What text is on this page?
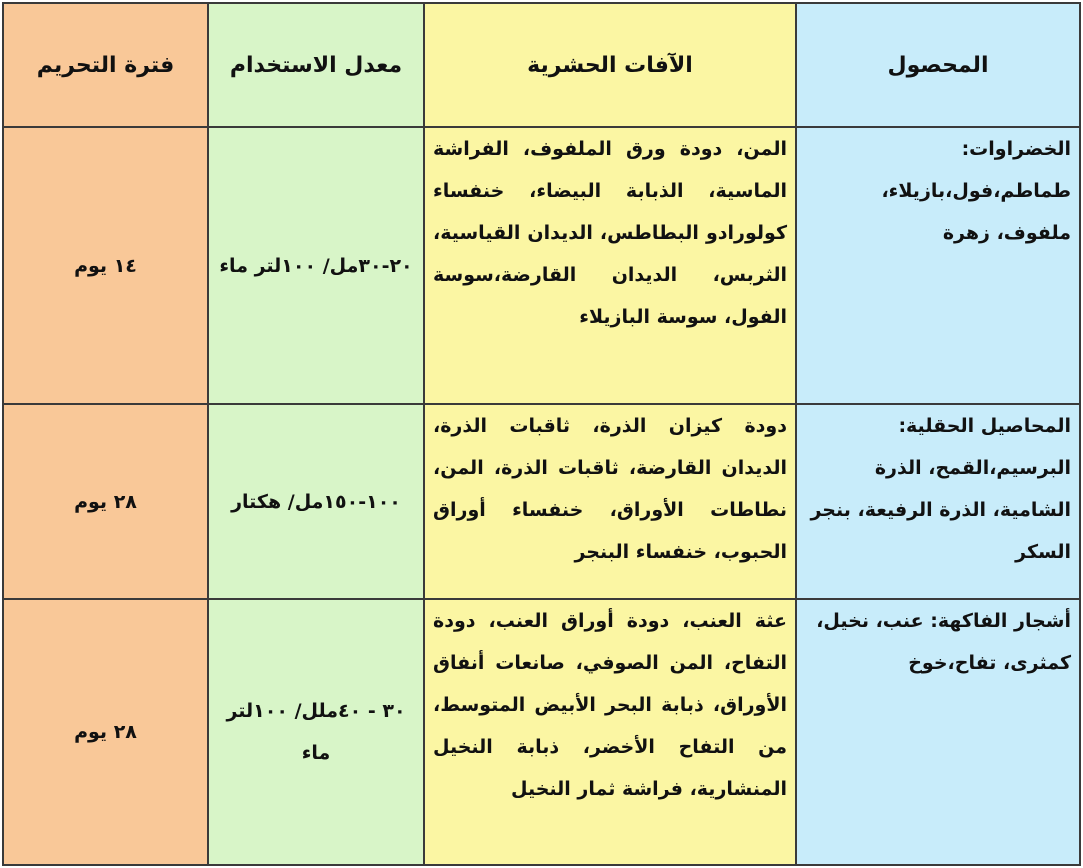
المحصول	الآفات الحشرية	معدل الاستخدام	فترة التحريم
الخضراوات: طماطم،فول،بازيلاء، ملفوف، زهرة	المن، دودة ورق الملفوف، الفراشة الماسية، الذبابة البيضاء، خنفساء كولورادو البطاطس، الديدان القياسية، الثربس، الديدان القارضة،سوسة الفول، سوسة البازيلاء	٢٠-٣٠مل/ ١٠٠لتر ماء	١٤ يوم
المحاصيل الحقلية: البرسيم،القمح، الذرة الشامية، الذرة الرفيعة، بنجر السكر	دودة كيزان الذرة، ثاقبات الذرة، الديدان القارضة، ثاقبات الذرة، المن، نطاطات الأوراق، خنفساء أوراق الحبوب، خنفساء البنجر	١٠٠-١٥٠مل/ هكتار	٢٨ يوم
أشجار الفاكهة: عنب، نخيل، كمثرى، تفاح،خوخ	عثة العنب، دودة أوراق العنب، دودة التفاح، المن الصوفي، صانعات أنفاق الأوراق، ذبابة البحر الأبيض المتوسط، من التفاح الأخضر، ذبابة النخيل المنشارية، فراشة ثمار النخيل	٣٠ - ٤٠ملل/ ١٠٠لتر ماء	٢٨ يوم
